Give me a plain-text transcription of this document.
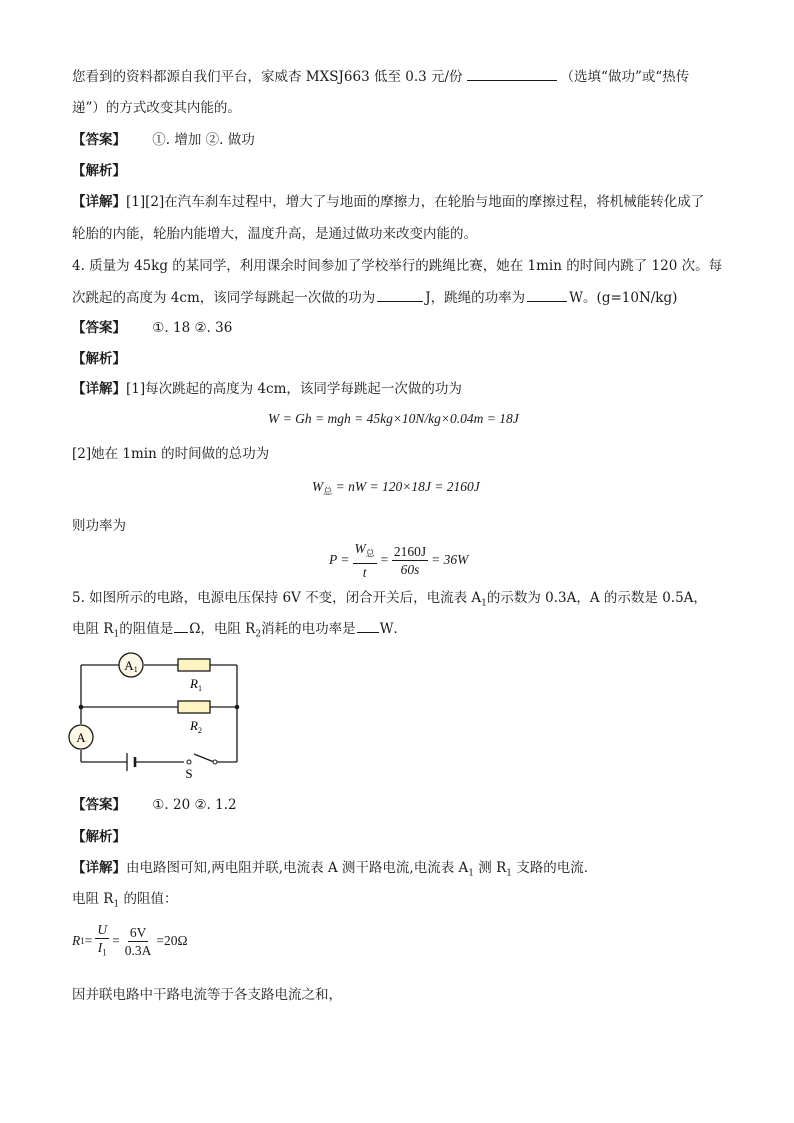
您看到的资料都源自我们平台，家威杏 MXSJ663 低至 0.3 元/份	（选填“做功”或“热传
递”）的方式改变其内能的。
【答案】 ①. 增加 ②. 做功
【解析】
【详解】[1][2]在汽车刹车过程中，增大了与地面的摩擦力，在轮胎与地面的摩擦过程，将机械能转化成了
轮胎的内能，轮胎内能增大，温度升高，是通过做功来改变内能的。
4. 质量为 45kg 的某同学，利用课余时间参加了学校举行的跳绳比赛，她在 1min 的时间内跳了 120 次。每
次跳起的高度为 4cm，该同学每跳起一次做的功为	J，跳绳的功率为	W。(g=10N/kg)
【答案】 ①. 18 ②. 36
【解析】
【详解】[1]每次跳起的高度为 4cm，该同学每跳起一次做的功为
W = Gh = mgh = 45kg×10N/kg×0.04m = 18J
[2]她在 1min 的时间做的总功为
$W_总$ = nW = 120×18J = 2160J
则功率为
$P = \frac{W_总}{t} = \frac{2160J}{60s} = 36W$
5. 如图所示的电路，电源电压保持 6V 不变，闭合开关后，电流表 $A_1$的示数为 0.3A，A 的示数是 0.5A，
电阻 $R_1$的阻值是 Ω，电阻 $R_2$消耗的电功率是 W．
A1
$R_1$
$R_2$
A
S
【答案】 ①. 20 ②. 1.2
【解析】
【详解】由电路图可知,两电阻并联,电流表 A 测干路电流,电流表 $A_1$ 测 $R_1$ 支路的电流．
电阻 $R_1$ 的阻值：
R $1 = \frac{U}{I_1} = \frac{6V}{0.3A} =20\Omega$
因并联电路中干路电流等于各支路电流之和，
